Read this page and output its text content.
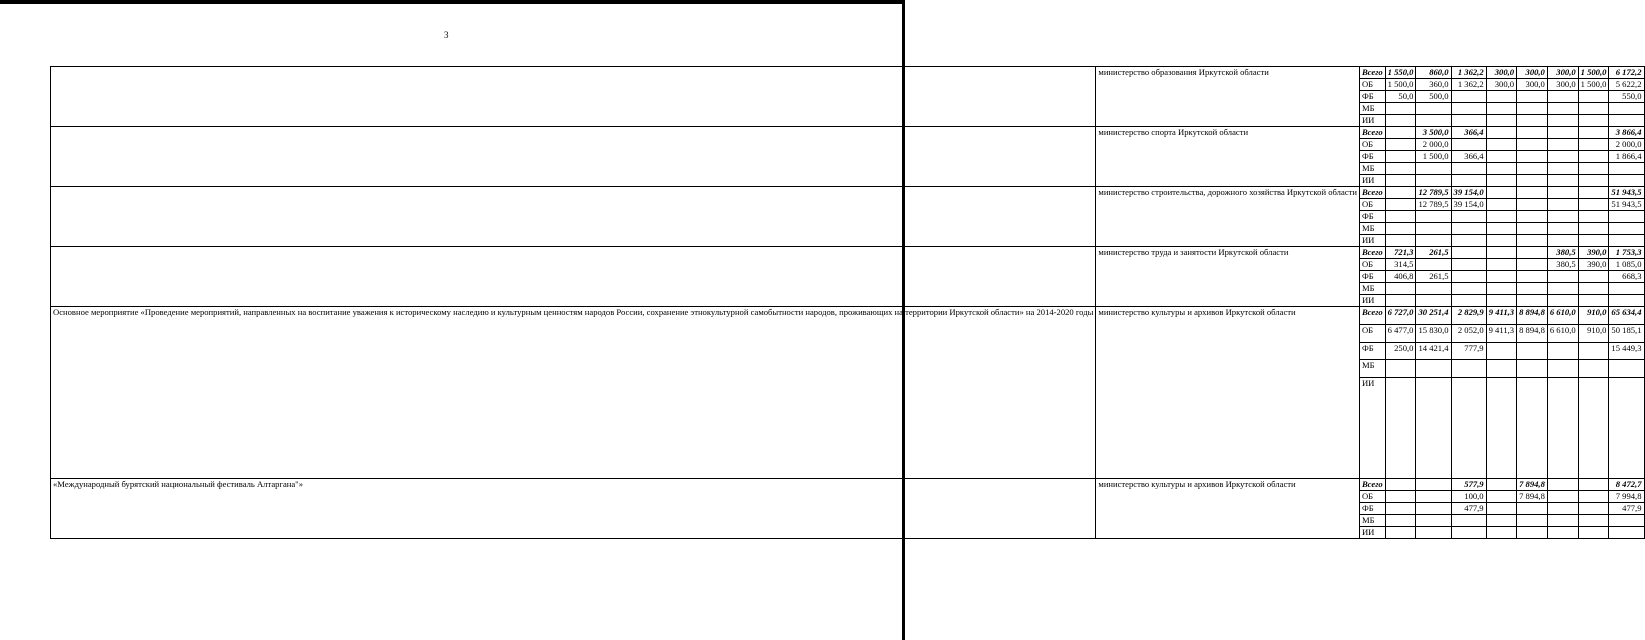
3
	министерство образования Иркутской области	Всего	1 550,0	860,0	1 362,2	300,0	300,0	300,0	1 500,0	6 172,2
		ОБ	1 500,0	360,0	1 362,2	300,0	300,0	300,0	1 500,0	5 622,2
		ФБ	50,0	500,0						550,0
		МБ								
		ИИ								
	министерство спорта Иркутской области	Всего		3 500,0	366,4					3 866,4
		ОБ		2 000,0						2 000,0
		ФБ		1 500,0	366,4					1 866,4
		МБ								
		ИИ								
	министерство строительства, дорожного хозяйства Иркутской области	Всего		12 789,5	39 154,0					51 943,5
		ОБ		12 789,5	39 154,0					51 943,5
		ФБ								
		МБ								
		ИИ								
	министерство труда и занятости Иркутской области	Всего	721,3	261,5				380,5	390,0	1 753,3
		ОБ	314,5					380,5	390,0	1 085,0
		ФБ	406,8	261,5						668,3
		МБ								
		ИИ								
Основное мероприятие «Проведение мероприятий, направленных на воспитание уважения к историческому наследию и культурным ценностям народов России, сохранение этнокультурной самобытности народов, проживающих на территории Иркутской области» на 2014-2020 годы	министерство культуры и архивов Иркутской области	Всего	6 727,0	30 251,4	2 829,9	9 411,3	8 894,8	6 610,0	910,0	65 634,4
		ОБ	6 477,0	15 830,0	2 052,0	9 411,3	8 894,8	6 610,0	910,0	50 185,1
		ФБ	250,0	14 421,4	777,9					15 449,3
		МБ								
		ИИ								
«Международный бурятский национальный фестиваль Алтаргана"»	министерство культуры и архивов Иркутской области	Всего			577,9		7 894,8			8 472,7
		ОБ			100,0		7 894,8			7 994,8
		ФБ			477,9					477,9
		МБ								
		ИИ								
